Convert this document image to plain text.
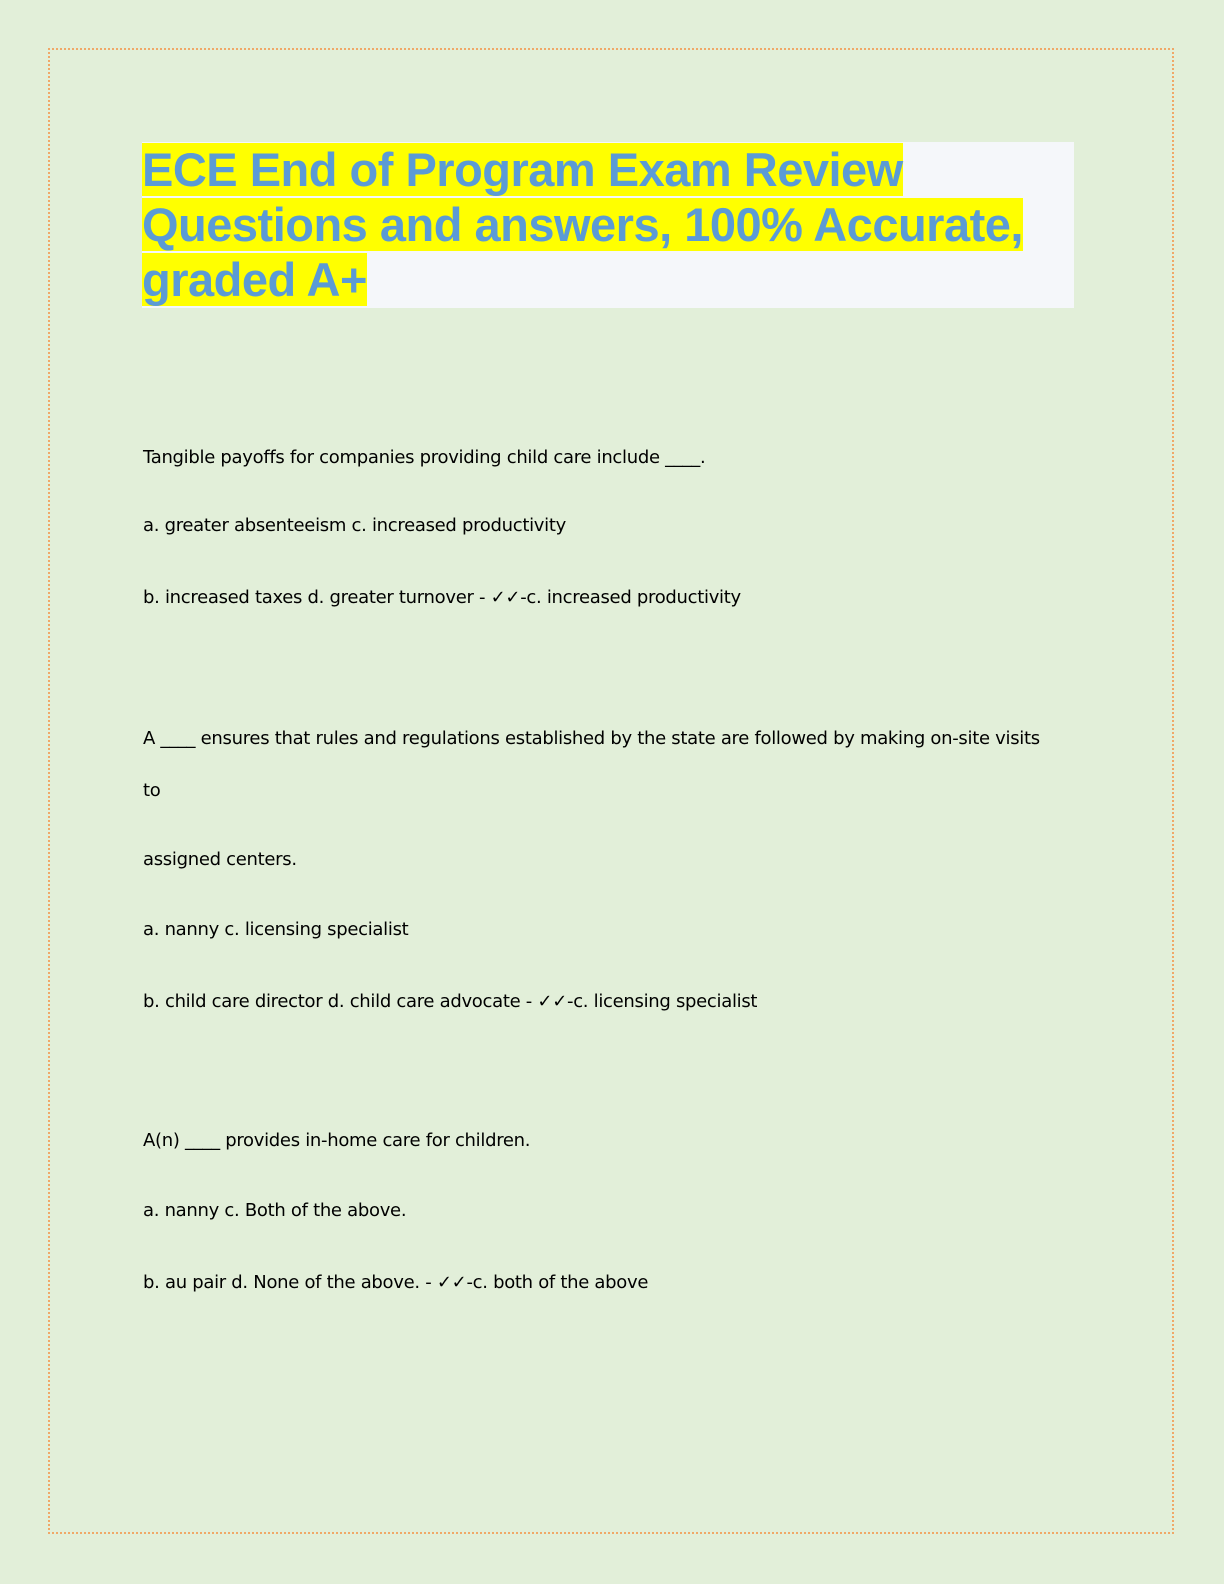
ECE End of Program Exam Review
Questions and answers, 100% Accurate,
graded A+

Tangible payoffs for companies providing child care include ____.

a. greater absenteeism c. increased productivity

b. increased taxes d. greater turnover - ✓✓-c. increased productivity

A ____ ensures that rules and regulations established by the state are followed by making on-site visits

to

assigned centers.

a. nanny c. licensing specialist

b. child care director d. child care advocate - ✓✓-c. licensing specialist

A(n) ____ provides in-home care for children.

a. nanny c. Both of the above.

b. au pair d. None of the above. - ✓✓-c. both of the above
